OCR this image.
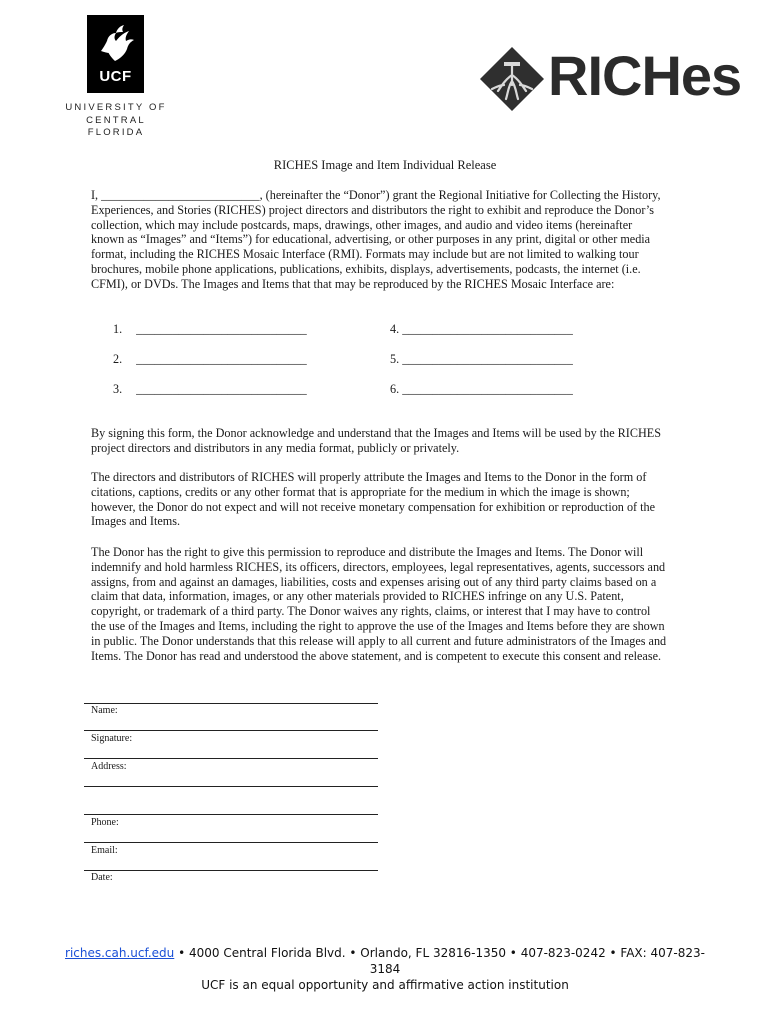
UCF
UNIVERSITY OF
CENTRAL FLORIDA
RICHes
RICHES Image and Item Individual Release
I, __________________________, (hereinafter the “Donor”) grant the Regional Initiative for Collecting the History, Experiences, and Stories (RICHES) project directors and distributors the right to exhibit and reproduce the Donor’s collection, which may include postcards, maps, drawings, other images, and audio and video items (hereinafter known as “Images” and “Items”) for educational, advertising, or other purposes in any print, digital or other media format, including the RICHES Mosaic Interface (RMI). Formats may include but are not limited to walking tour brochures, mobile phone applications, publications, exhibits, displays, advertisements, podcasts, the internet (i.e. CFMI), or DVDs. The Images and Items that that may be reproduced by the RICHES Mosaic Interface are:
1. ____________________________
2. ____________________________
3. ____________________________
4. ____________________________
5. ____________________________
6. ____________________________
By signing this form, the Donor acknowledge and understand that the Images and Items will be used by the RICHES project directors and distributors in any media format, publicly or privately.
The directors and distributors of RICHES will properly attribute the Images and Items to the Donor in the form of citations, captions, credits or any other format that is appropriate for the medium in which the image is shown; however, the Donor do not expect and will not receive monetary compensation for exhibition or reproduction of the Images and Items.
The Donor has the right to give this permission to reproduce and distribute the Images and Items. The Donor will indemnify and hold harmless RICHES, its officers, directors, employees, legal representatives, agents, successors and assigns, from and against an damages, liabilities, costs and expenses arising out of any third party claims based on a claim that data, information, images, or any other materials provided to RICHES infringe on any U.S. Patent, copyright, or trademark of a third party. The Donor waives any rights, claims, or interest that I may have to control the use of the Images and Items, including the right to approve the use of the Images and Items before they are shown in public. The Donor understands that this release will apply to all current and future administrators of the Images and Items. The Donor has read and understood the above statement, and is competent to execute this consent and release.
Name:
Signature:
Address:
Phone:
Email:
Date:
riches.cah.ucf.edu • 4000 Central Florida Blvd. • Orlando, FL 32816-1350 • 407-823-0242 • FAX: 407-823-
3184
UCF is an equal opportunity and affirmative action institution
